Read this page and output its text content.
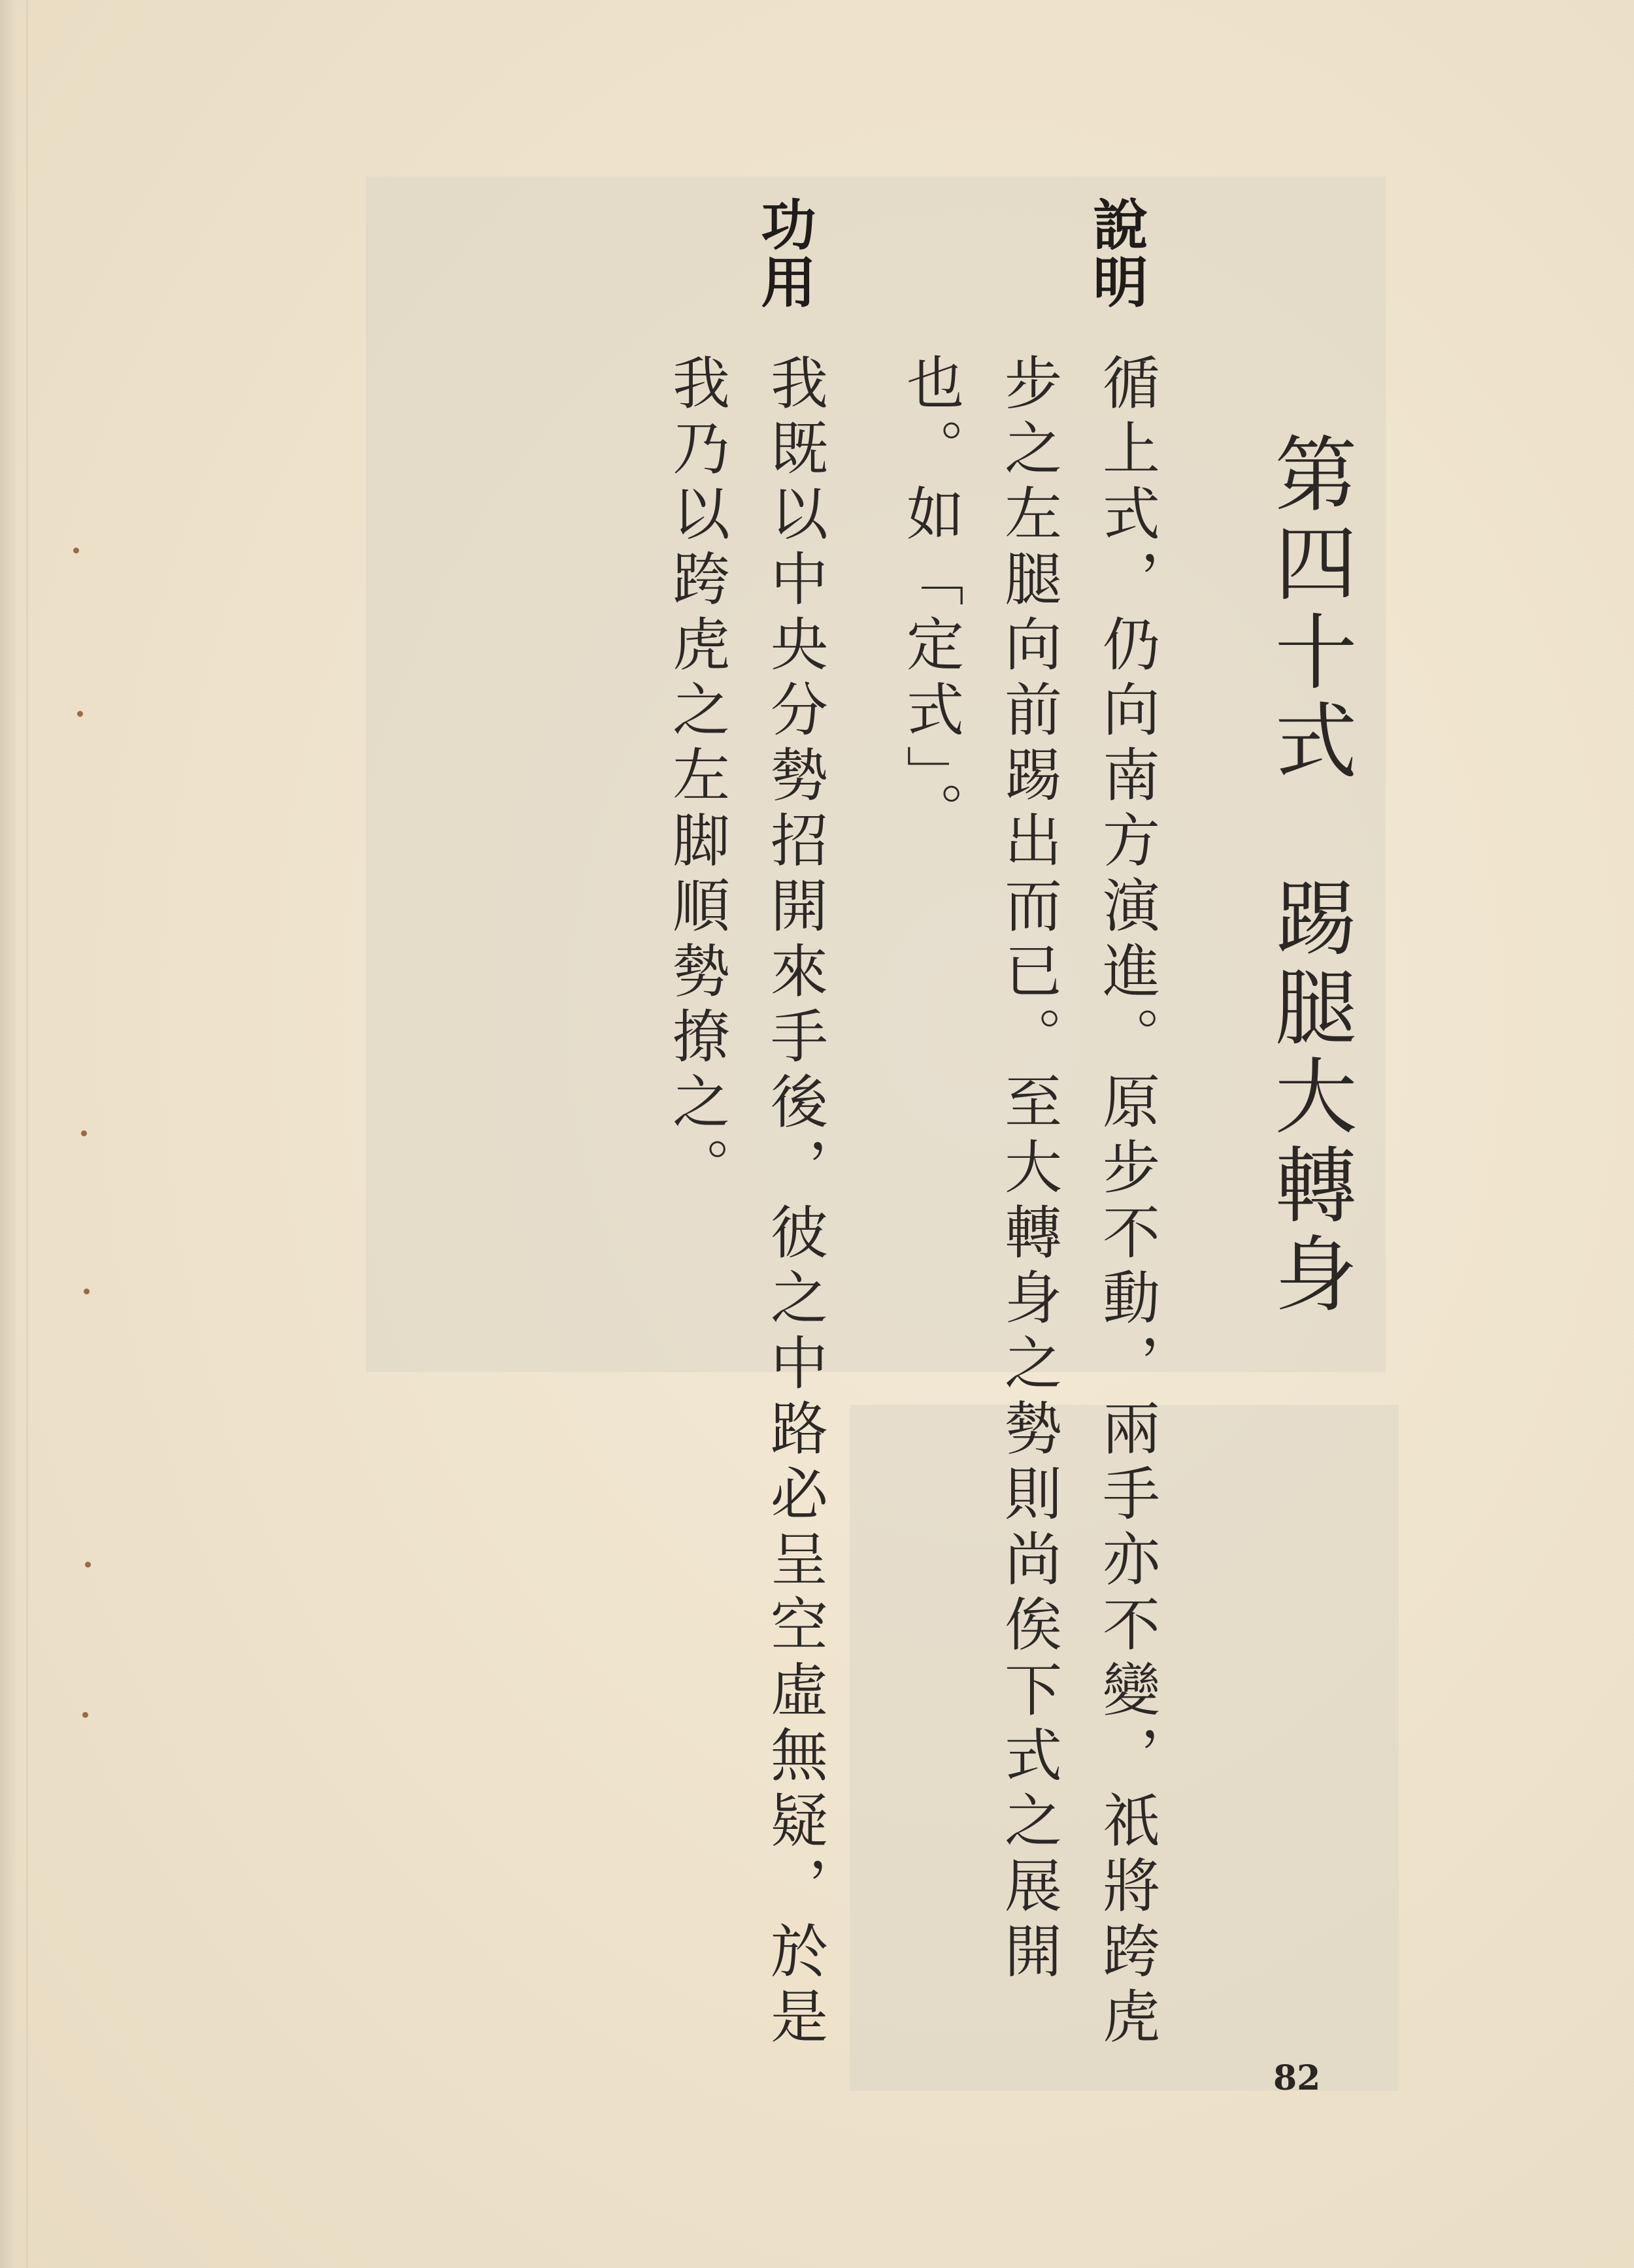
第四十式　踢腿大轉身
說明
循上式，仍向南方演進。原步不動，兩手亦不變，祇將跨虎
步之左腿向前踢出而已。至大轉身之勢則尚俟下式之展開
也。如「定式」。
功用
我既以中央分勢招開來手後，彼之中路必呈空虛無疑，於是
我乃以跨虎之左脚順勢撩之。
82
